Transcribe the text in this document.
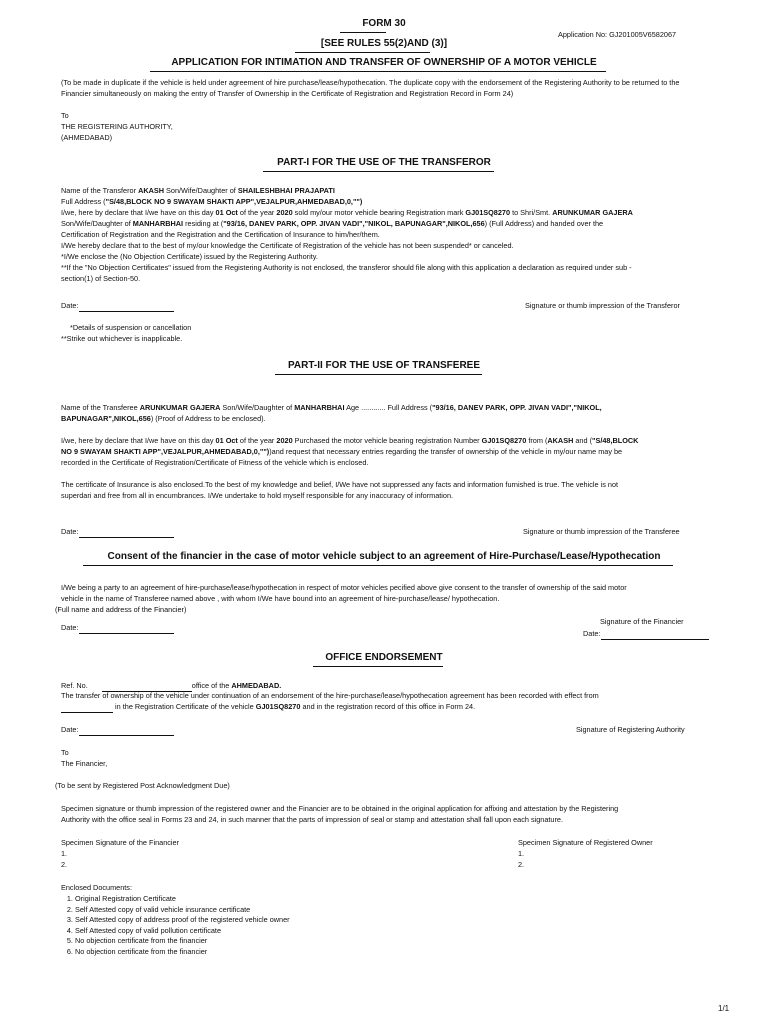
FORM 30
Application No: GJ201005V6582067
[SEE RULES 55(2)AND (3)]
APPLICATION FOR INTIMATION AND TRANSFER OF OWNERSHIP OF A MOTOR VEHICLE
(To be made in duplicate if the vehicle is held under agreement of hire purchase/lease/hypothecation. The duplicate copy with the endorsement of the Registering Authority to be returned to the Financier simultaneously on making the entry of Transfer of Ownership in the Certificate of Registration and Registration Record in Form 24)
To
THE REGISTERING AUTHORITY,
(AHMEDABAD)
PART-I FOR THE USE OF THE TRANSFEROR
Name of the Transferor AKASH Son/Wife/Daughter of SHAILESHBHAI PRAJAPATI
Full Address ("S/48,BLOCK NO 9 SWAYAM SHAKTI APP",VEJALPUR,AHMEDABAD,0,"")
I/we, here by declare that I/we have on this day 01 Oct of the year 2020 sold my/our motor vehicle bearing Registration mark GJ01SQ8270 to Shri/Smt. ARUNKUMAR GAJERA
Son/Wife/Daughter of MANHARBHAI residing at ("93/16, DANEV PARK, OPP. JIVAN VADI","NIKOL, BAPUNAGAR",NIKOL,656) (Full Address) and handed over the
Certification of Registration and the Registration and the Certification of Insurance to him/her/them.
I/We hereby declare that to the best of my/our knowledge the Certificate of Registration of the vehicle has not been suspended* or canceled.
*I/We enclose the (No Objection Certificate) issued by the Registering Authority.
**If the "No Objection Certificates" issued from the Registering Authority is not enclosed, the transferor should file along with this application a declaration as required under sub -
section(1) of Section-50.
Date:	Signature or thumb impression of the Transferor
*Details of suspension or cancellation
**Strike out whichever is inapplicable.
PART-II FOR THE USE OF TRANSFEREE
Name of the Transferee ARUNKUMAR GAJERA Son/Wife/Daughter of MANHARBHAI Age ............ Full Address ("93/16, DANEV PARK, OPP. JIVAN VADI","NIKOL,
BAPUNAGAR",NIKOL,656) (Proof of Address to be enclosed).
I/we, here by declare that I/we have on this day 01 Oct of the year 2020 Purchased the motor vehicle bearing registration Number GJ01SQ8270 from (AKASH and ("S/48,BLOCK
NO 9 SWAYAM SHAKTI APP",VEJALPUR,AHMEDABAD,0,""))and request that necessary entries regarding the transfer of ownership of the vehicle in my/our name may be
recorded in the Certificate of Registration/Certificate of Fitness of the vehicle which is enclosed.
The certificate of Insurance is also enclosed.To the best of my knowledge and belief, I/We have not suppressed any facts and information furnished is true. The vehicle is not
superdari and free from all in encumbrances. I/We undertake to hold myself responsible for any inaccuracy of information.
Date:	Signature or thumb impression of the Transferee
Consent of the financier in the case of motor vehicle subject to an agreement of Hire-Purchase/Lease/Hypothecation
I/We being a party to an agreement of hire-purchase/lease/hypothecation in respect of motor vehicles pecified above give consent to the transfer of ownership of the said motor
vehicle in the name of Transferee named above , with whom I/We have bound into an agreement of hire-purchase/lease/ hypothecation.
(Full name and address of the Financier)
Signature of the Financier
Date:
Date:
OFFICE ENDORSEMENT
Ref. No.	office of the AHMEDABAD.
The transfer of ownership of the vehicle under continuation of an endorsement of the hire-purchase/lease/hypothecation agreement has been recorded with effect from
in the Registration Certificate of the vehicle GJ01SQ8270 and in the registration record of this office in Form 24.
Date:	Signature of Registering Authority
To
The Financier,
(To be sent by Registered Post Acknowledgment Due)
Specimen signature or thumb impression of the registered owner and the Financier are to be obtained in the original application for affixing and attestation by the Registering
Authority with the office seal in Forms 23 and 24, in such manner that the parts of impression of seal or stamp and attestation shall fall upon each signature.
Specimen Signature of the Financier
1.
2.
Specimen Signature of Registered Owner
1.
2.
Enclosed Documents:
1. Original Registration Certificate
2. Self Attested copy of valid vehicle insurance certificate
3. Self Attested copy of address proof of the registered vehicle owner
4. Self Attested copy of valid pollution certificate
5. No objection certificate from the financier
6. No objection certificate from the financier
1/1
